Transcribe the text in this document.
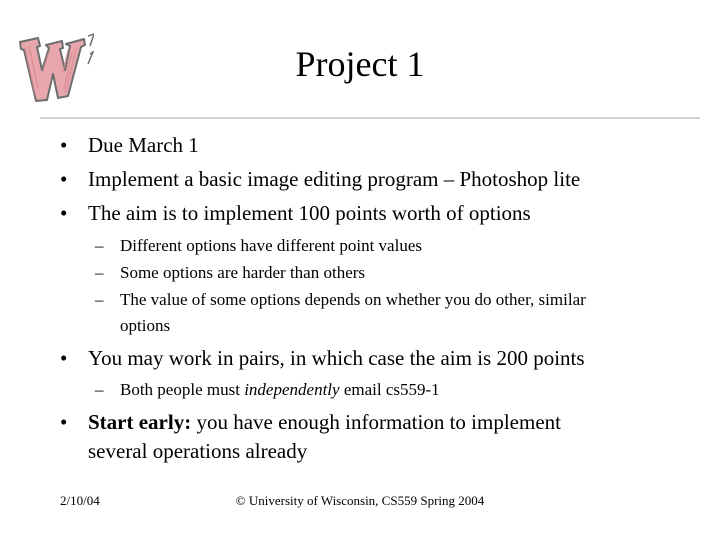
Project 1
• Due March 1
• Implement a basic image editing program – Photoshop lite
• The aim is to implement 100 points worth of options
– Different options have different point values
– Some options are harder than others
– The value of some options depends on whether you do other, similar
options
• You may work in pairs, in which case the aim is 200 points
– Both people must independently email cs559-1
• Start early: you have enough information to implement
several operations already
2/10/04	© University of Wisconsin, CS559 Spring 2004
